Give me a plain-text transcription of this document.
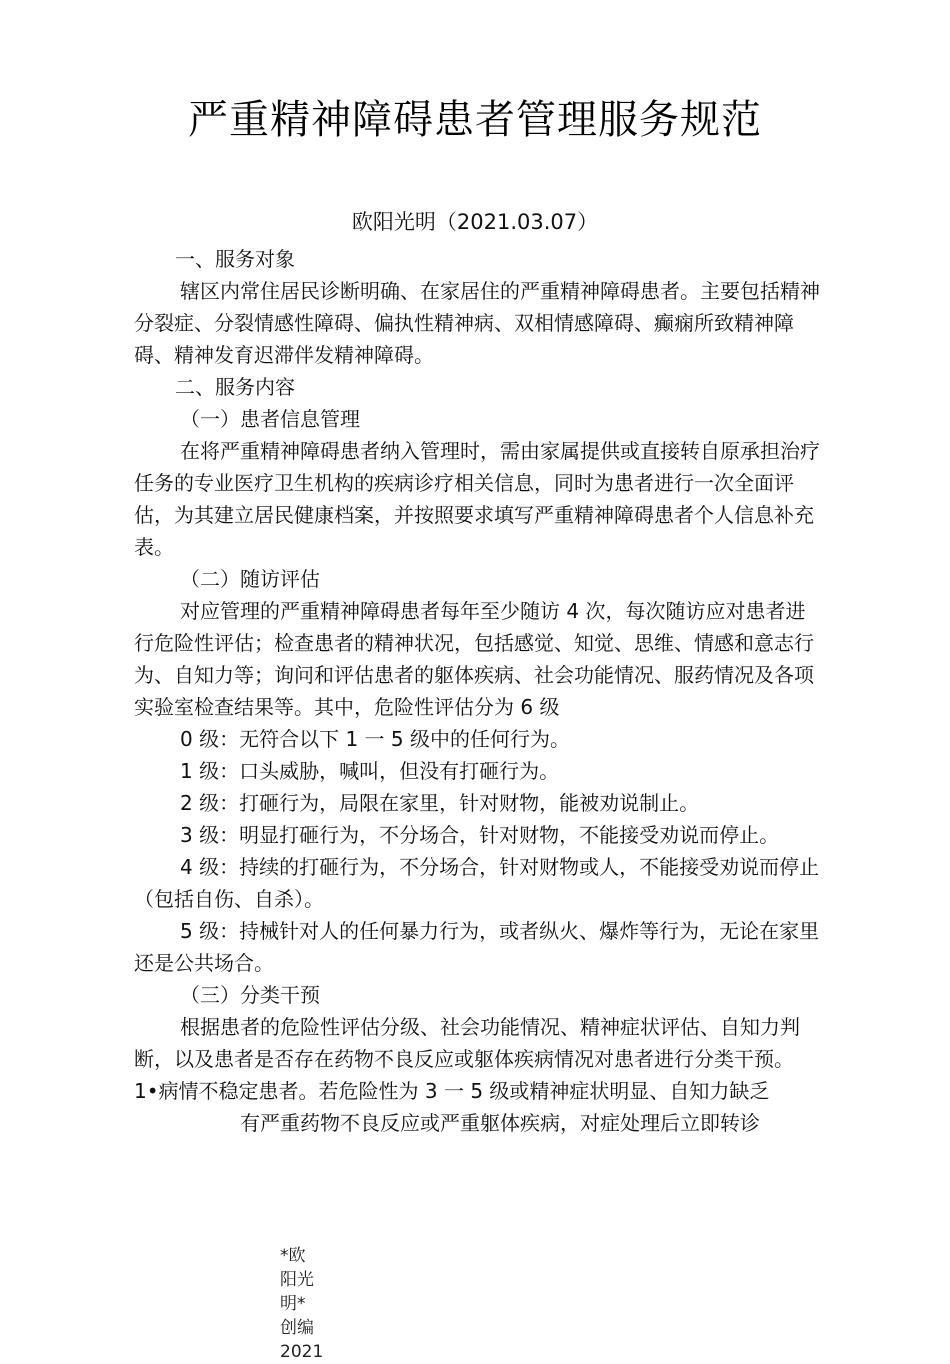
严重精神障碍患者管理服务规范
欧阳光明（2021.03.07）

一、服务对象

辖区内常住居民诊断明确、在家居住的严重精神障碍患者。主要包括精神分裂症、分裂情感性障碍、偏执性精神病、双相情感障碍、癫痫所致精神障碍、精神发育迟滞伴发精神障碍。

二、服务内容

（一）患者信息管理

在将严重精神障碍患者纳入管理时，需由家属提供或直接转自原承担治疗任务的专业医疗卫生机构的疾病诊疗相关信息，同时为患者进行一次全面评估，为其建立居民健康档案，并按照要求填写严重精神障碍患者个人信息补充表。

（二）随访评估

对应管理的严重精神障碍患者每年至少随访 4 次，每次随访应对患者进行危险性评估；检查患者的精神状况，包括感觉、知觉、思维、情感和意志行为、自知力等；询问和评估患者的躯体疾病、社会功能情况、服药情况及各项实验室检查结果等。其中，危险性评估分为 6 级

0 级：无符合以下 1 一 5 级中的任何行为。

1 级：口头威胁，喊叫，但没有打砸行为。

2 级：打砸行为，局限在家里，针对财物，能被劝说制止。

3 级：明显打砸行为，不分场合，针对财物，不能接受劝说而停止。

4 级：持续的打砸行为，不分场合，针对财物或人，不能接受劝说而停止（包括自伤、自杀）。

5 级：持械针对人的任何暴力行为，或者纵火、爆炸等行为，无论在家里还是公共场合。

（三）分类干预

根据患者的危险性评估分级、社会功能情况、精神症状评估、自知力判断，以及患者是否存在药物不良反应或躯体疾病情况对患者进行分类干预。

1•病情不稳定患者。若危险性为 3 一 5 级或精神症状明显、自知力缺乏

有严重药物不良反应或严重躯体疾病，对症处理后立即转诊

*欧
阳光
明*
创编
2021
